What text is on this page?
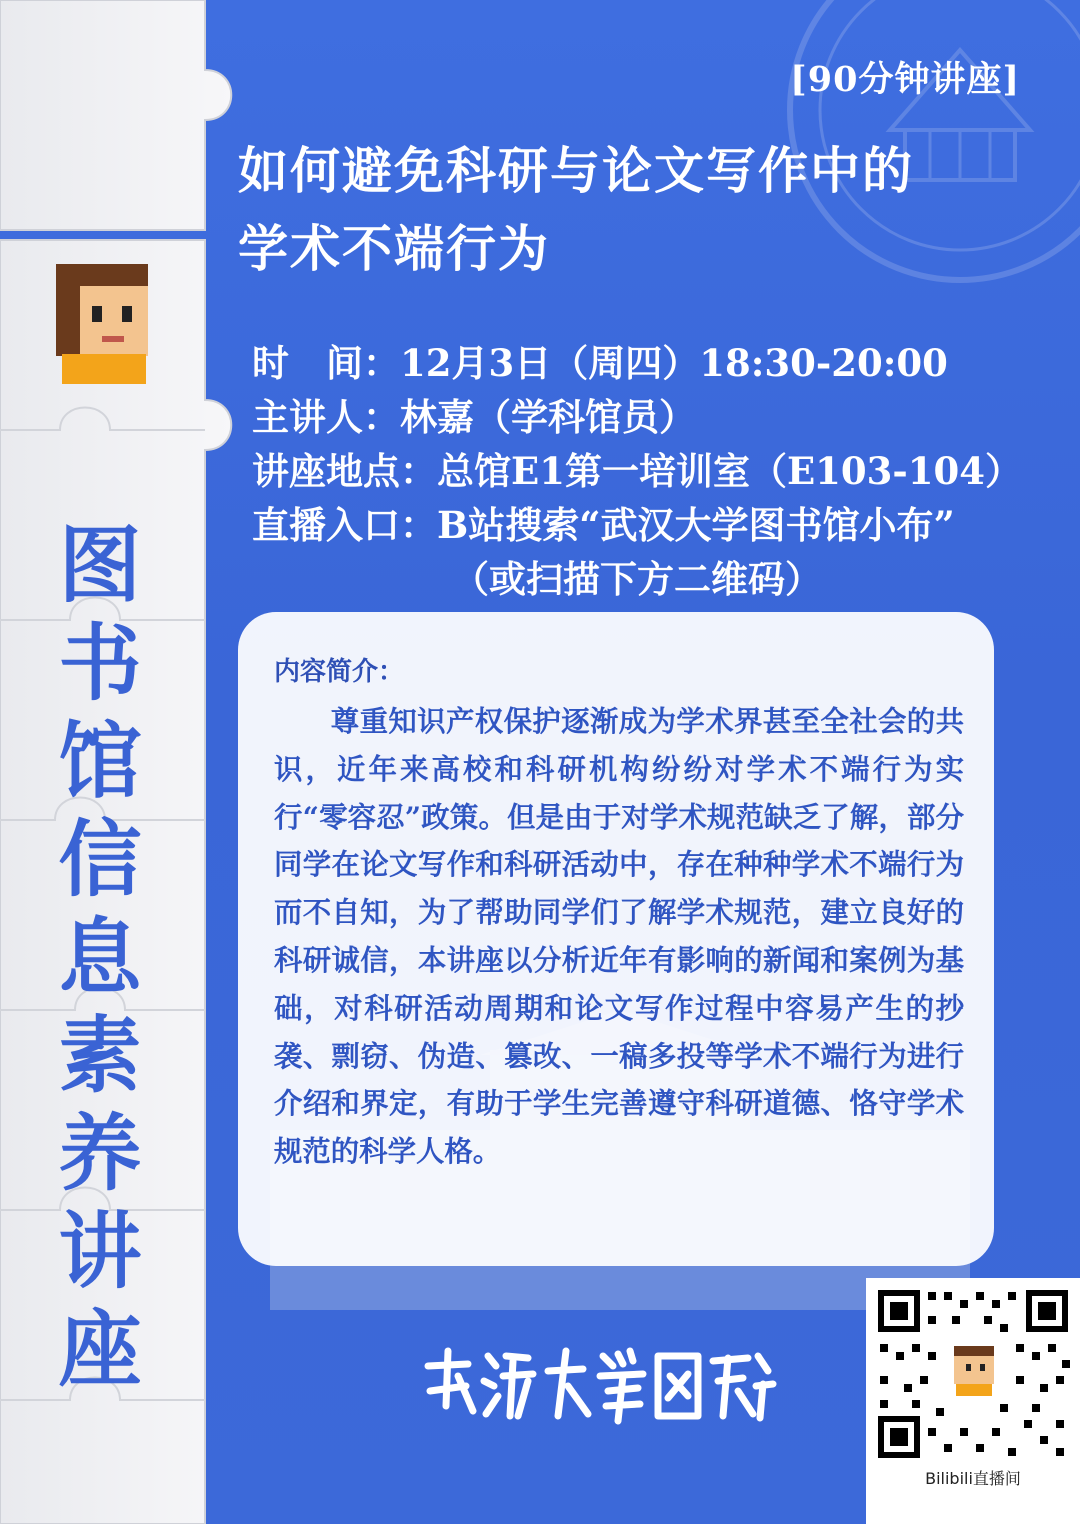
[90分钟讲座]
如何避免科研与论文写作中的
学术不端行为
时　间：12月3日（周四）18:30-20:00
主讲人：林嘉（学科馆员）
讲座地点：总馆E1第一培训室（E103-104）
直播入口：B站搜索“武汉大学图书馆小布”
（或扫描下方二维码）
内容简介：
尊重知识产权保护逐渐成为学术界甚至全社会的共识，近年来高校和科研机构纷纷对学术不端行为实行“零容忍”政策。但是由于对学术规范缺乏了解，部分同学在论文写作和科研活动中，存在种种学术不端行为而不自知，为了帮助同学们了解学术规范，建立良好的科研诚信，本讲座以分析近年有影响的新闻和案例为基础，对科研活动周期和论文写作过程中容易产生的抄袭、剽窃、伪造、篡改、一稿多投等学术不端行为进行介绍和界定，有助于学生完善遵守科研道德、恪守学术规范的科学人格。
图
书
馆
信
息
素
养
讲
座
Bilibili直播间
